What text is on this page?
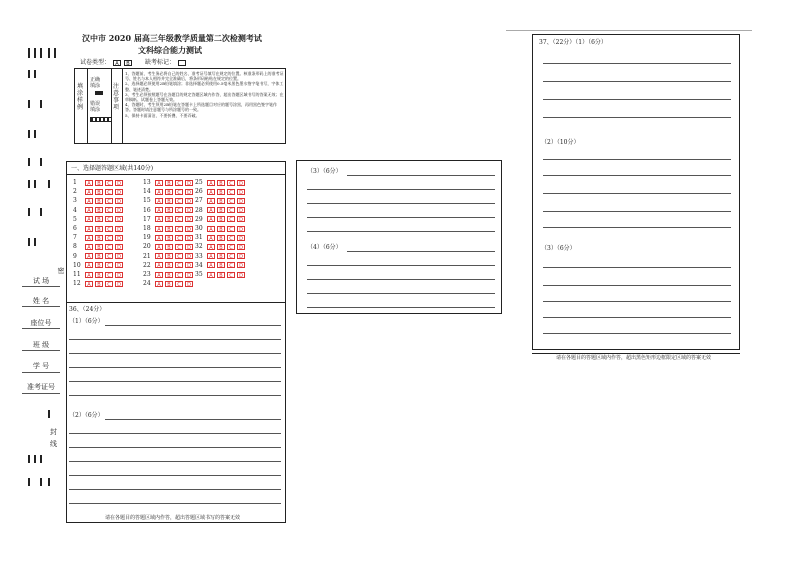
密
试 场
姓 名
座位号
班 级
学 号
准考证号
封
线
汉中市 2020 届高三年级教学质量第二次检测考试
文科综合能力测试
试卷类型：	A	B	缺考标记：
填涂样例
正确填涂
错误填涂
注意事项
1、答题前，考生务必将自己的姓名、准考证号填写在规定的位置。核准条形码上的准考证号、姓名与本人相符并完全准确后，将条形码粘贴在规定的位置。
2、选择题必须使用2B铅笔填涂；非选择题必须使用0.5毫米黑色墨水签字笔书写，字体工整、笔迹清楚。
3、考生必须按照题号在各题目的规定答题区域内作答，超出答题区域书写的答案无效；在草稿纸、试题卷上答题无效。
4、答题时，考生须用2B铅笔在答题卡上所选题目对应的题号涂黑，再用黑色签字笔作答。答题时请注意题号与所涂题号的一致。
5、保持卡面清洁，不要折叠、不要弄破。
一、选择题答题区域(共140分)
1	A	B	C	D
2	A	B	C	D
3	A	B	C	D
4	A	B	C	D
5	A	B	C	D
6	A	B	C	D
7	A	B	C	D
8	A	B	C	D
9	A	B	C	D
10	A	B	C	D
11	A	B	C	D
12	A	B	C	D
13	A	B	C	D
14	A	B	C	D
15	A	B	C	D
16	A	B	C	D
17	A	B	C	D
18	A	B	C	D
19	A	B	C	D
20	A	B	C	D
21	A	B	C	D
22	A	B	C	D
23	A	B	C	D
24	A	B	C	D
25	A	B	C	D
26	A	B	C	D
27	A	B	C	D
28	A	B	C	D
29	A	B	C	D
30	A	B	C	D
31	A	B	C	D
32	A	B	C	D
33	A	B	C	D
34	A	B	C	D
35	A	B	C	D
36、（24分）
（1）（6分）
（2）（6分）
请在各题目的答题区域内作答，超出答题区域书写的答案无效
（3）（6分）
（4）（6分）
37、（22分）（1）（6分）
（2）（10分）
（3）（6分）
请在各题目的答题区域内作答，超出黑色矩形边框限定区域的答案无效
